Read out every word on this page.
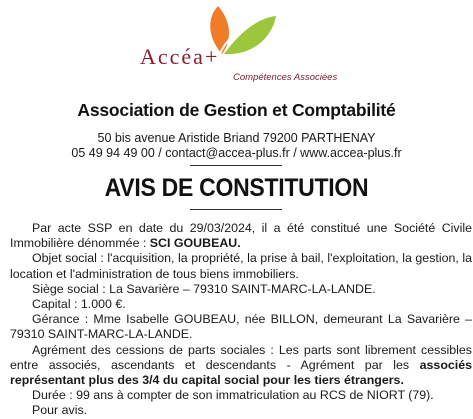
Accéa+
Compétences Associées
Association de Gestion et Comptabilité
50 bis avenue Aristide Briand 79200 PARTHENAY
05 49 94 49 00 / contact@accea-plus.fr / www.accea-plus.fr
AVIS DE CONSTITUTION

Par acte SSP en date du 29/03/2024, il a été constitué une Société Civile Immobilière dénommée : SCI GOUBEAU.

Objet social : l'acquisition, la propriété, la prise à bail, l'exploitation, la gestion, la location et l'administration de tous biens immobiliers.

Siège social : La Savarière – 79310 SAINT-MARC-LA-LANDE.

Capital : 1.000 €.

Gérance : Mme Isabelle GOUBEAU, née BILLON, demeurant La Savarière – 79310 SAINT-MARC-LA-LANDE.

Agrément des cessions de parts sociales : Les parts sont librement cessibles entre associés, ascendants et descendants - Agrément par les associés représentant plus des 3/4 du capital social pour les tiers étrangers.

Durée : 99 ans à compter de son immatriculation au RCS de NIORT (79).

Pour avis.
